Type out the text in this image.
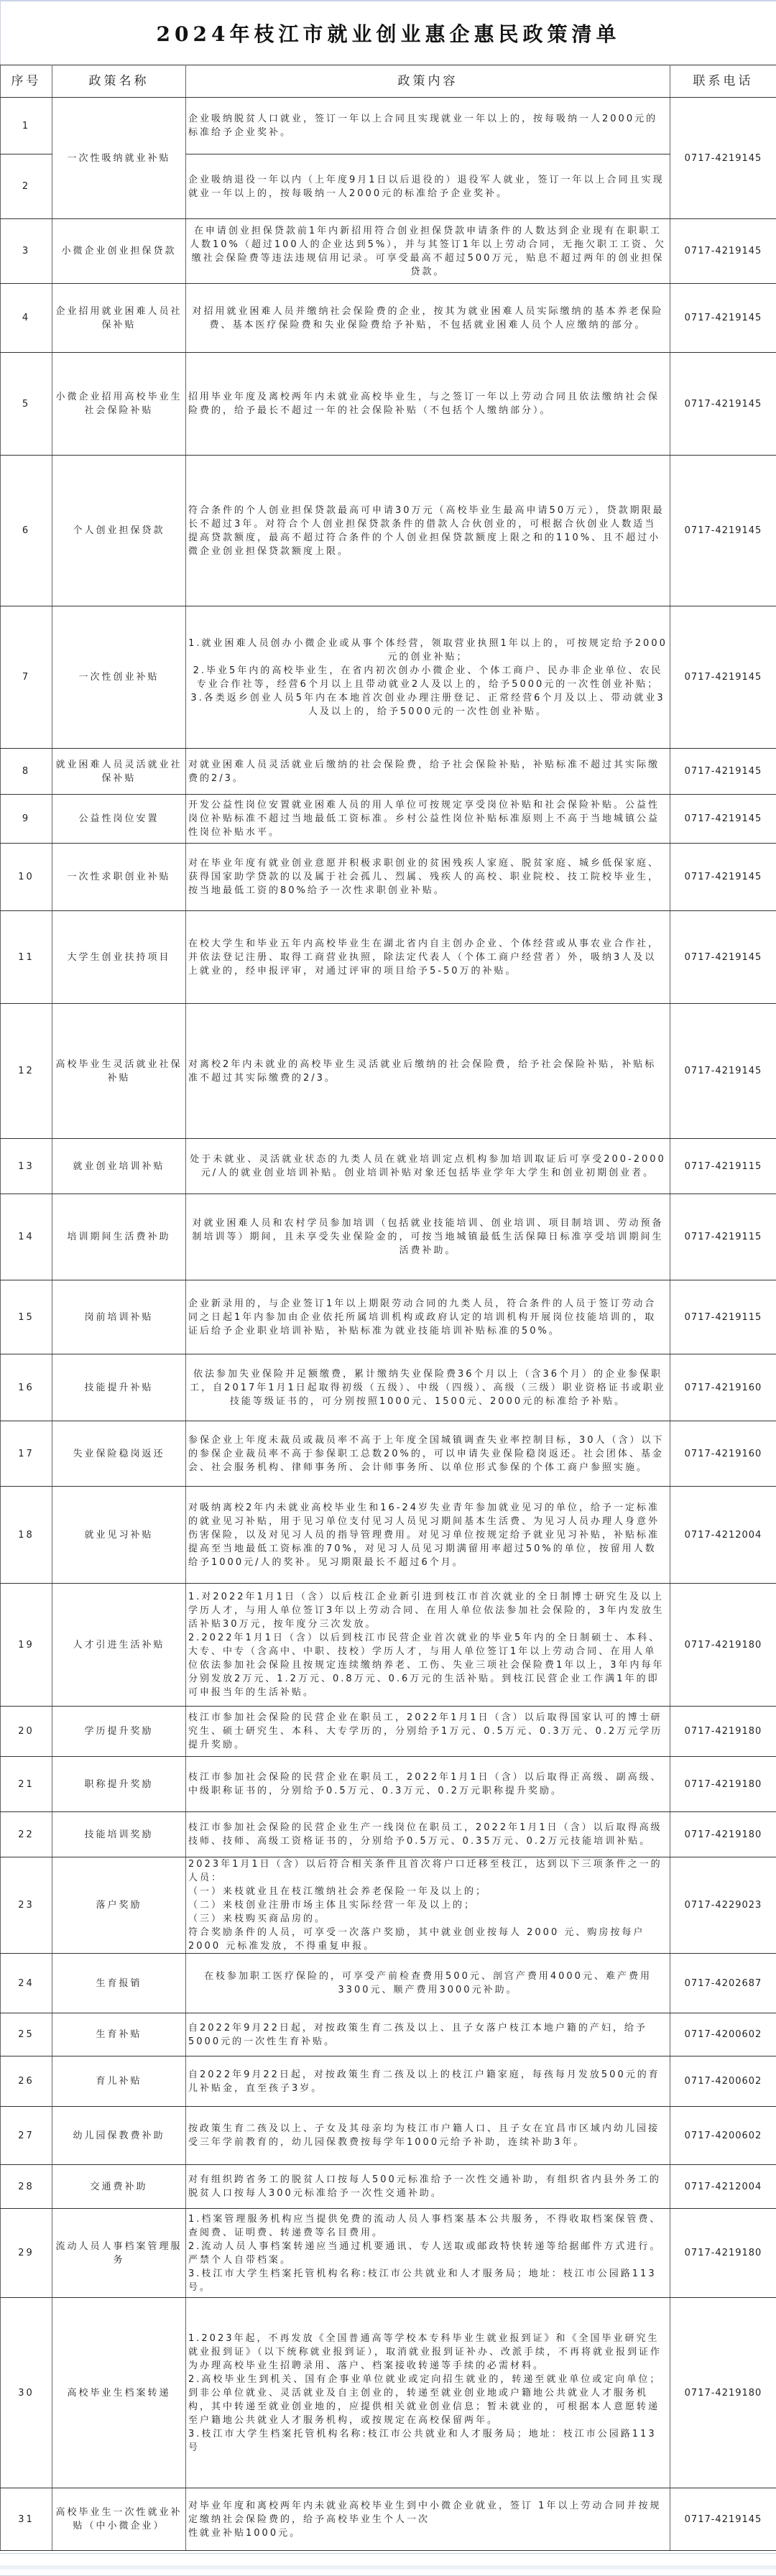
2024年枝江市就业创业惠企惠民政策清单
序号	政策名称	政策内容	联系电话
1	一次性吸纳就业补贴	企业吸纳脱贫人口就业，签订一年以上合同且实现就业一年以上的，按每吸纳一人2000元的标准给予企业奖补。	0717-4219145
2		企业吸纳退役一年以内（上年度9月1日以后退役的）退役军人就业，签订一年以上合同且实现就业一年以上的，按每吸纳一人2000元的标准给予企业奖补。	
3	小微企业创业担保贷款	在申请创业担保贷款前1年内新招用符合创业担保贷款申请条件的人数达到企业现有在职职工人数10%（超过100人的企业达到5%），并与其签订1年以上劳动合同，无拖欠职工工资、欠缴社会保险费等违法违规信用记录。可享受最高不超过500万元，贴息不超过两年的创业担保贷款。	0717-4219145
4	企业招用就业困难人员社保补贴	对招用就业困难人员并缴纳社会保险费的企业，按其为就业困难人员实际缴纳的基本养老保险费、基本医疗保险费和失业保险费给予补贴，不包括就业困难人员个人应缴纳的部分。	0717-4219145
5	小微企业招用高校毕业生社会保险补贴	招用毕业年度及离校两年内未就业高校毕业生，与之签订一年以上劳动合同且依法缴纳社会保险费的，给予最长不超过一年的社会保险补贴（不包括个人缴纳部分）。	0717-4219145
6	个人创业担保贷款	符合条件的个人创业担保贷款最高可申请30万元（高校毕业生最高申请50万元），贷款期限最长不超过3年。对符合个人创业担保贷款条件的借款人合伙创业的，可根据合伙创业人数适当提高贷款额度，最高不超过符合条件的个人创业担保贷款额度上限之和的110%、且不超过小微企业创业担保贷款额度上限。	0717-4219145
7	一次性创业补贴	1.就业困难人员创办小微企业或从事个体经营，领取营业执照1年以上的，可按规定给予2000元的创业补贴；
2.毕业5年内的高校毕业生，在省内初次创办小微企业、个体工商户、民办非企业单位、农民专业合作社等，经营6个月以上且带动就业2人及以上的，给予5000元的一次性创业补贴；
3.各类返乡创业人员5年内在本地首次创业办理注册登记、正常经营6个月及以上、带动就业3人及以上的，给予5000元的一次性创业补贴。	0717-4219145
8	就业困难人员灵活就业社保补贴	对就业困难人员灵活就业后缴纳的社会保险费，给予社会保险补贴，补贴标准不超过其实际缴费的2/3。	0717-4219145
9	公益性岗位安置	开发公益性岗位安置就业困难人员的用人单位可按规定享受岗位补贴和社会保险补贴。公益性岗位补贴标准不超过当地最低工资标准。乡村公益性岗位补贴标准原则上不高于当地城镇公益性岗位补贴水平。	0717-4219145
10	一次性求职创业补贴	对在毕业年度有就业创业意愿并积极求职创业的贫困残疾人家庭、脱贫家庭、城乡低保家庭、获得国家助学贷款的以及属于社会孤儿、烈属、残疾人的高校、职业院校、技工院校毕业生，按当地最低工资的80%给予一次性求职创业补贴。	0717-4219145
11	大学生创业扶持项目	在校大学生和毕业五年内高校毕业生在湖北省内自主创办企业、个体经营或从事农业合作社，并依法登记注册、取得工商营业执照，除法定代表人（个体工商户经营者）外，吸纳3人及以上就业的，经申报评审，对通过评审的项目给予5-50万的补贴。	0717-4219145
12	高校毕业生灵活就业社保补贴	对离校2年内未就业的高校毕业生灵活就业后缴纳的社会保险费，给予社会保险补贴，补贴标准不超过其实际缴费的2/3。	0717-4219145
13	就业创业培训补贴	处于未就业、灵活就业状态的九类人员在就业培训定点机构参加培训取证后可享受200-2000元/人的就业创业培训补贴。创业培训补贴对象还包括毕业学年大学生和创业初期创业者。	0717-4219115
14	培训期间生活费补助	对就业困难人员和农村学员参加培训（包括就业技能培训、创业培训、项目制培训、劳动预备制培训等）期间，且未享受失业保险金的，可按当地城镇最低生活保障日标准享受培训期间生活费补助。	0717-4219115
15	岗前培训补贴	企业新录用的，与企业签订1年以上期限劳动合同的九类人员，符合条件的人员于签订劳动合同之日起1年内参加由企业依托所属培训机构或政府认定的培训机构开展岗位技能培训的，取证后给予企业职业培训补贴，补贴标准为就业技能培训补贴标准的50%。	0717-4219115
16	技能提升补贴	依法参加失业保险并足额缴费，累计缴纳失业保险费36个月以上（含36个月）的企业参保职工，自2017年1月1日起取得初级（五级）、中级（四级）、高级（三级）职业资格证书或职业技能等级证书的，可分别按照1000元、1500元、2000元的标准给予补贴。	0717-4219160
17	失业保险稳岗返还	参保企业上年度未裁员或裁员率不高于上年度全国城镇调查失业率控制目标，30人（含）以下的参保企业裁员率不高于参保职工总数20%的，可以申请失业保险稳岗返还。社会团体、基金会、社会服务机构、律师事务所、会计师事务所、以单位形式参保的个体工商户参照实施。	0717-4219160
18	就业见习补贴	对吸纳离校2年内未就业高校毕业生和16-24岁失业青年参加就业见习的单位，给予一定标准的就业见习补贴，用于见习单位支付见习人员见习期间基本生活费、为见习人员办理人身意外伤害保险，以及对见习人员的指导管理费用。对见习单位按规定给予就业见习补贴，补贴标准提高至当地最低工资标准的70%，对见习人员见习期满留用率超过50%的单位，按留用人数给予1000元/人的奖补。见习期限最长不超过6个月。	0717-4212004
19	人才引进生活补贴	1.对2022年1月1日（含）以后枝江企业新引进到枝江市首次就业的全日制博士研究生及以上学历人才，与用人单位签订3年以上劳动合同、在用人单位依法参加社会保险的，3年内发放生活补贴30万元，按年度分三次发放。
2.2022年1月1日（含）以后到枝江市民营企业首次就业的毕业5年内的全日制硕士、本科、大专、中专（含高中、中职、技校）学历人才，与用人单位签订1年以上劳动合同、在用人单位依法参加社会保险且按规定连续缴纳养老、工伤、失业三项社会保险费1年以上，3年内每年分别发放2万元、1.2万元、0.8万元、0.6万元的生活补贴。到枝江民营企业工作满1年的即可申报当年的生活补贴。	0717-4219180
20	学历提升奖励	枝江市参加社会保险的民营企业在职员工，2022年1月1日（含）以后取得国家认可的博士研究生、硕士研究生、本科、大专学历的，分别给予1万元、0.5万元、0.3万元、0.2万元学历提升奖励。	0717-4219180
21	职称提升奖励	枝江市参加社会保险的民营企业在职员工，2022年1月1日（含）以后取得正高级、副高级、中级职称证书的，分别给予0.5万元、0.3万元、0.2万元职称提升奖励。	0717-4219180
22	技能培训奖励	枝江市参加社会保险的民营企业生产一线岗位在职员工，2022年1月1日（含）以后取得高级技师、技师、高级工资格证书的，分别给予0.5万元、0.35万元、0.2万元技能培训补贴。	0717-4219180
23	落户奖励	2023年1月1日（含）以后符合相关条件且首次将户口迁移至枝江，达到以下三项条件之一的人员：
（一）来枝就业且在枝江缴纳社会养老保险一年及以上的；
（二）来枝创业注册市场主体且实际经营一年及以上的；
（三）来枝购买商品房的。
符合奖励条件的人员，可享受一次落户奖励，其中就业创业按每人 2000 元、购房按每户 2000 元标准发放，不得重复申报。	0717-4229023
24	生育报销	在枝参加职工医疗保险的，可享受产前检查费用500元、剖宫产费用4000元、难产费用3300元、顺产费用3000元补助。	0717-4202687
25	生育补贴	自2022年9月22日起，对按政策生育二孩及以上、且子女落户枝江本地户籍的产妇，给予5000元的一次性生育补贴。	0717-4200602
26	育儿补贴	自2022年9月22日起，对按政策生育二孩及以上的枝江户籍家庭，每孩每月发放500元的育儿补贴金，直至孩子3岁。	0717-4200602
27	幼儿园保教费补助	按政策生育二孩及以上、子女及其母亲均为枝江市户籍人口、且子女在宜昌市区域内幼儿园接受三年学前教育的，幼儿园保教费按每学年1000元给予补助，连续补助3年。	0717-4200602
28	交通费补助	对有组织跨省务工的脱贫人口按每人500元标准给予一次性交通补助，有组织省内县外务工的脱贫人口按每人300元标准给予一次性交通补助。	0717-4212004
29	流动人员人事档案管理服务	1.档案管理服务机构应当提供免费的流动人员人事档案基本公共服务，不得收取档案保管费、查阅费、证明费、转递费等名目费用。
2.流动人员人事档案转递应当通过机要通讯、专人送取或邮政特快转递等给据邮件方式进行。严禁个人自带档案。
3.枝江市大学生档案托管机构名称:枝江市公共就业和人才服务局；地址：枝江市公园路113号。	0717-4219180
30	高校毕业生档案转递	1.2023年起，不再发放《全国普通高等学校本专科毕业生就业报到证》和《全国毕业研究生就业报到证》（以下统称就业报到证），取消就业报到证补办、改派手续，不再将就业报到证作为办理高校毕业生招聘录用、落户、档案接收转递等手续的必需材料。
2.高校毕业生到机关、国有企事业单位就业或定向招生就业的，转递至就业单位或定向单位；到非公单位就业、灵活就业及自主创业的，转递至就业创业地或户籍地公共就业人才服务机构，其中转递至就业创业地的，应提供相关就业创业信息；暂未就业的，可根据本人意愿转递至户籍地公共就业人才服务机构，或按规定在高校保留两年。
3.枝江市大学生档案托管机构名称:枝江市公共就业和人才服务局；地址：枝江市公园路113号	0717-4219180
31	高校毕业生一次性就业补贴（中小微企业）	对毕业年度和离校两年内未就业高校毕业生到中小微企业就业，签订 1年以上劳动合同并按规定缴纳社会保险费的，给予高校毕业生个人一次
性就业补贴1000元。	0717-4219145
